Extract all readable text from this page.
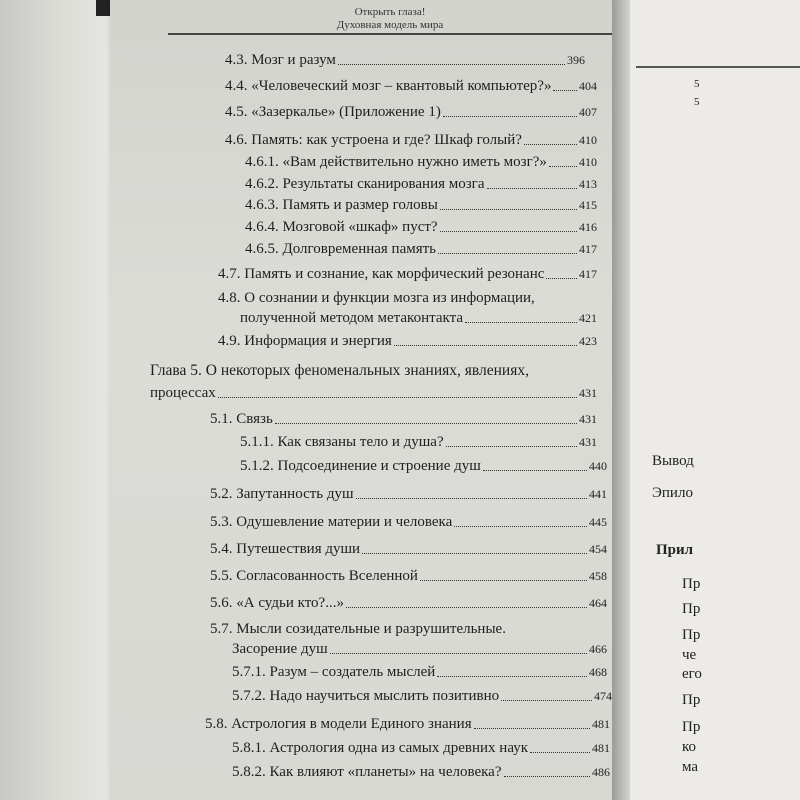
Открыть глаза!
Духовная модель мира
4.3. Мозг и разум	396
4.4. «Человеческий мозг – квантовый компьютер?» 404
4.5. «Зазеркалье» (Приложение 1)	407
4.6. Память: как устроена и где? Шкаф голый?	410
4.6.1. «Вам действительно нужно иметь мозг?»	410
4.6.2. Результаты сканирования мозга	413
4.6.3. Память и размер головы	415
4.6.4. Мозговой «шкаф» пуст?	416
4.6.5. Долговременная память	417
4.7. Память и сознание, как морфический резонанс	417
4.8. О сознании и функции мозга из информации,
полученной методом метаконтакта	421
4.9. Информация и энергия	423
Глава 5. О некоторых феноменальных знаниях, явлениях,
процессах	431
5.1. Связь	431
5.1.1. Как связаны тело и душа?	431
5.1.2. Подсоединение и строение душ	440
5.2. Запутанность душ	441
5.3. Одушевление материи и человека	445
5.4. Путешествия души	454
5.5. Согласованность Вселенной	458
5.6. «А судьи кто?...»	464
5.7. Мысли созидательные и разрушительные.
Засорение душ	466
5.7.1. Разум – создатель мыслей	468
5.7.2. Надо научиться мыслить позитивно	474
5.8. Астрология в модели Единого знания	481
5.8.1. Астрология одна из самых древних наук	481
5.8.2. Как влияют «планеты» на человека?	486
5
5
Вывод
Эпило
Прил
Пр
Пр
Пр
че
его
Пр
Пр
ко
ма
